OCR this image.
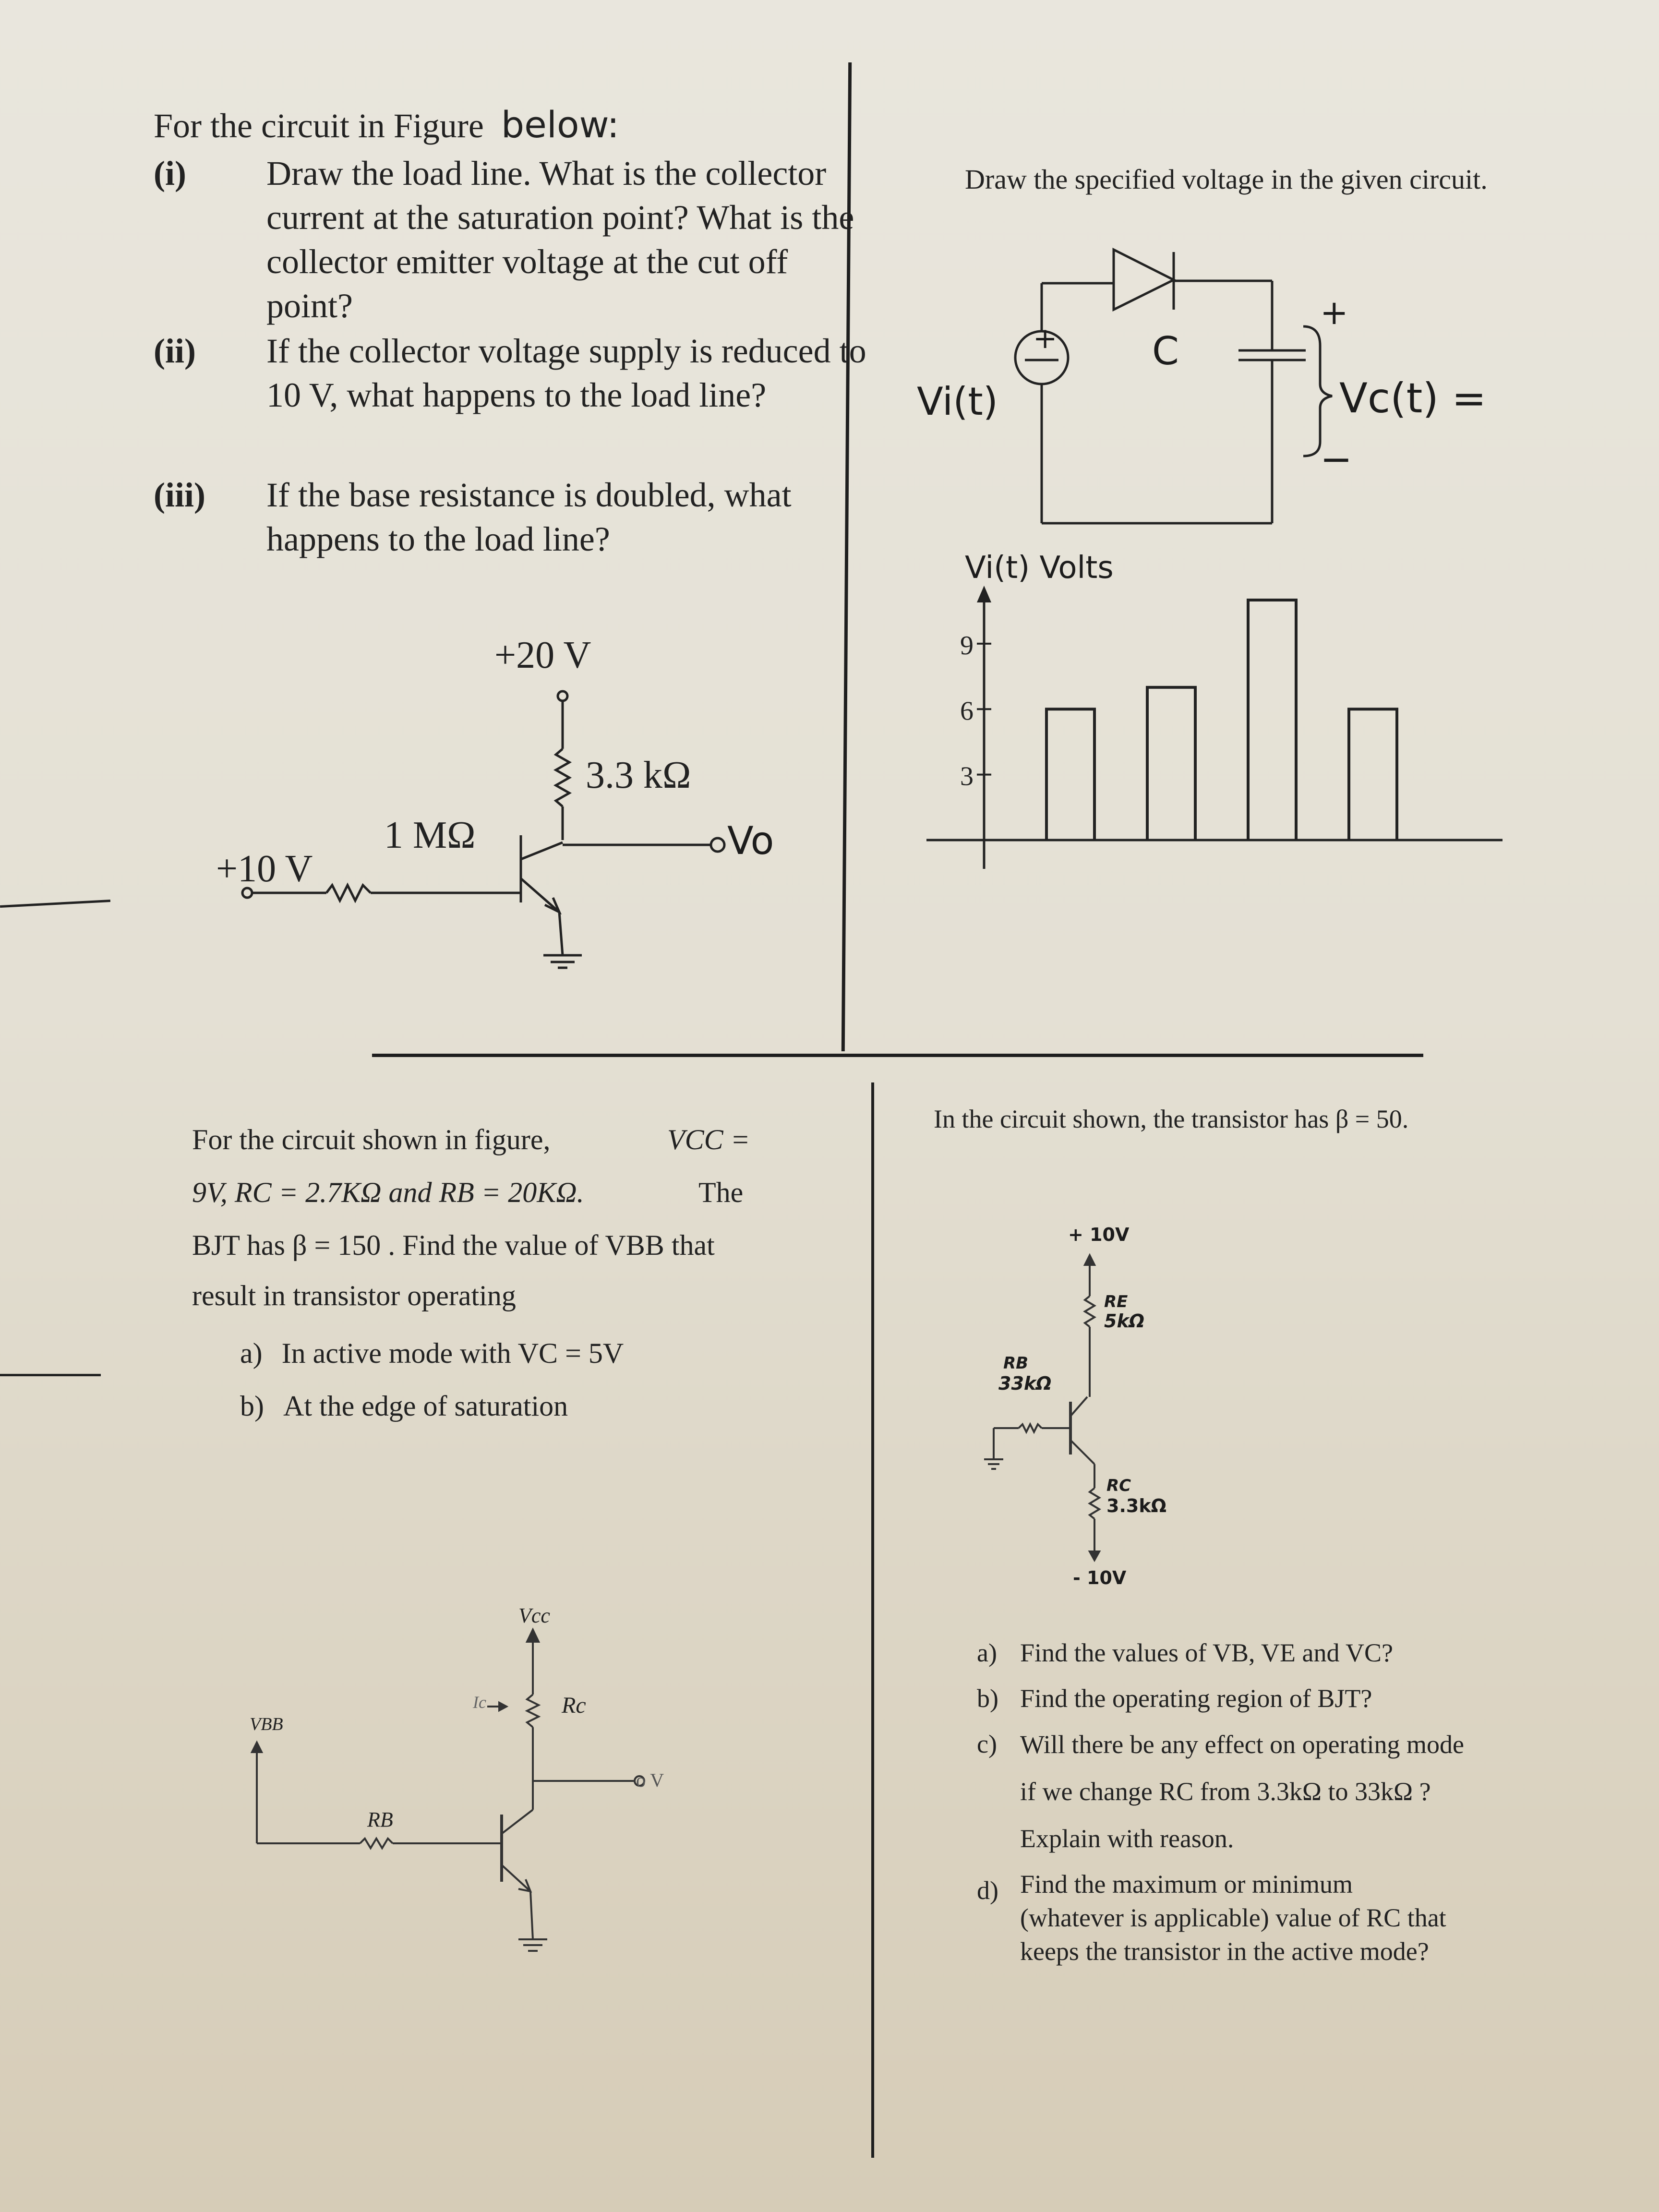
For the circuit in Figure below:
(i) Draw the load line. What is the collector current at the saturation point? What is the collector emitter voltage at the cut off point?
(ii) If the collector voltage supply is reduced to 10 V, what happens to the load line?
(iii) If the base resistance is doubled, what happens to the load line?
+20 V
3.3 kΩ
1 MΩ
+10 V
Vo
Draw the specified voltage in the given circuit.
+
Vi(t)
C
+
Vc(t) =
−
Vi(t) Volts
3
6
9
For the circuit shown in figure,	VCC =
9V, RC = 2.7KΩ and RB = 20KΩ.	The
BJT has β = 150 . Find the value of VBB that
result in transistor operating
a) In active mode with VC = 5V
b) At the edge of saturation
Vcc
Rc
Ic
o V
VBB
RB
In the circuit shown, the transistor has β = 50.
+ 10V
RE
5kΩ
RB
33kΩ
RC
3.3kΩ
- 10V
a) Find the values of VB, VE and VC?
b) Find the operating region of BJT?
c) Will there be any effect on operating mode if we change RC from 3.3kΩ to 33kΩ ? Explain with reason.
d) Find the maximum or minimum (whatever is applicable) value of RC that keeps the transistor in the active mode?
